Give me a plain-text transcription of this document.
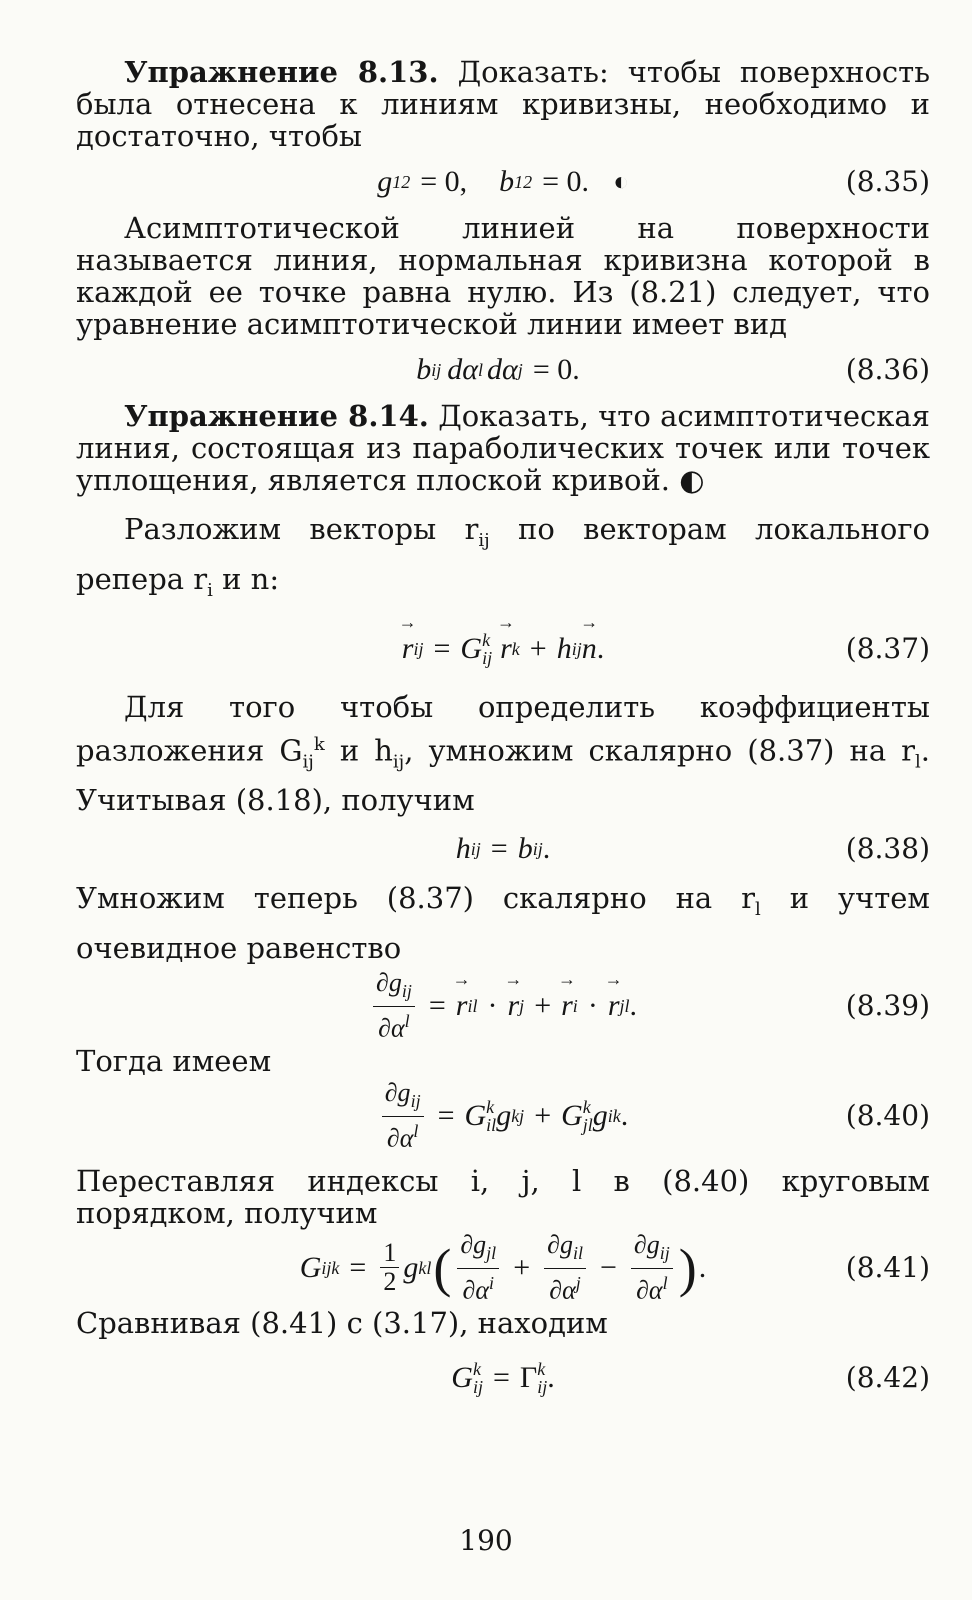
Упражнение 8.13. Доказать: чтобы поверхность была отнесена к линиям кривизны, необходимо и достаточно, чтобы

g 12 = 0, b 12 = 0. ◐	(8.35)

Асимптотической линией на поверхности называется линия, нормальная кривизна которой в каждой ее точке равна нулю. Из (8.21) следует, что уравнение асимптотической линии имеет вид

b ij dα l dα j = 0.	(8.36)

Упражнение 8.14. Доказать, что асимптотическая линия, состоящая из параболических точек или точек уплощения, является плоской кривой. ◐

Разложим векторы $r_{ij}$ по векторам локального репера $r_i$ и n:

→ r ij = G k
ij → r k + h ij → n .	(8.37)

Для того чтобы определить коэффициенты разложения $G_{ij}^k$ и $h_{ij}$, умножим скалярно (8.37) на $r_l$. Учитывая (8.18), получим

h ij = b ij .	(8.38)

Умножим теперь (8.37) скалярно на $r_l$ и учтем очевидное равенство

$\frac{\partial g_{ij}}{\partial\alpha^l}$ = → r il · → r j + → r i · → r jl .	(8.39)

Тогда имеем

$\frac{\partial g_{ij}}{\partial\alpha^l} = G$ k
il g kj + G k
jl g ik .	(8.40)

Переставляя индексы i, j, l в (8.40) круговым порядком, получим

G ij $k = \frac{1}{2}$ g kl ( $\frac{\partial g_{jl}}{\partial\alpha^i} + \frac{\partial g_{il}}{\partial\alpha^j} - \frac{\partial g_{ij}}{\partial\alpha^l}$ ) .	(8.41)

Сравнивая (8.41) с (3.17), находим

G k
ij = Γ k
ij .	(8.42)
190
